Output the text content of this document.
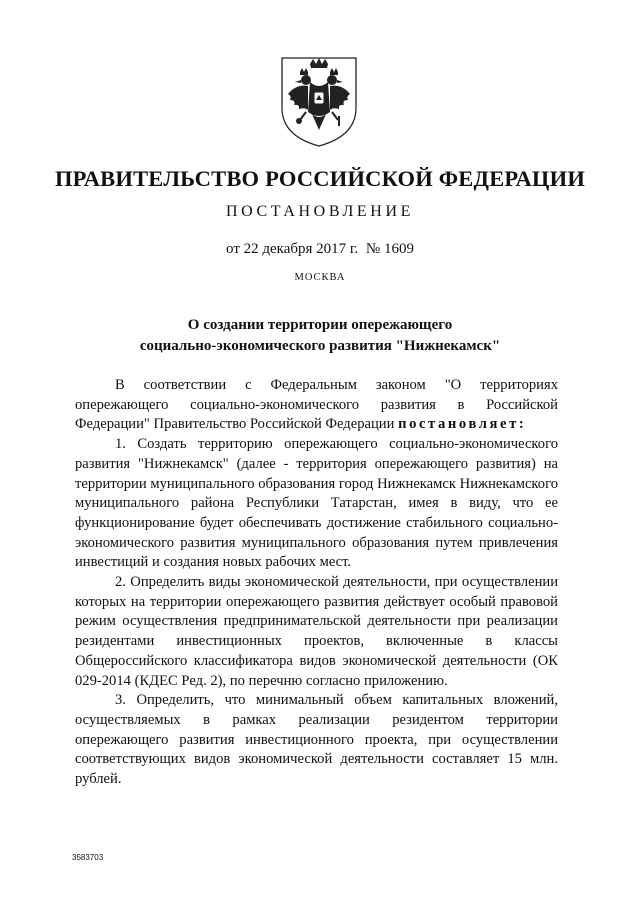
ПРАВИТЕЛЬСТВО РОССИЙСКОЙ ФЕДЕРАЦИИ
ПОСТАНОВЛЕНИЕ
от 22 декабря 2017 г. № 1609
МОСКВА
О создании территории опережающего
социально-экономического развития "Нижнекамск"

В соответствии с Федеральным законом "О территориях опережающего социально-экономического развития в Российской Федерации" Правительство Российской Федерации постановляет:

1. Создать территорию опережающего социально-экономического развития "Нижнекамск" (далее - территория опережающего развития) на территории муниципального образования город Нижнекамск Нижнекамского муниципального района Республики Татарстан, имея в виду, что ее функционирование будет обеспечивать достижение стабильного социально-экономического развития муниципального образования путем привлечения инвестиций и создания новых рабочих мест.

2. Определить виды экономической деятельности, при осуществлении которых на территории опережающего развития действует особый правовой режим осуществления предпринимательской деятельности при реализации резидентами инвестиционных проектов, включенные в классы Общероссийского классификатора видов экономической деятельности (ОК 029-2014 (КДЕС Ред. 2), по перечню согласно приложению.

3. Определить, что минимальный объем капитальных вложений, осуществляемых в рамках реализации резидентом территории опережающего развития инвестиционного проекта, при осуществлении соответствующих видов экономической деятельности составляет 15 млн. рублей.

3583703
